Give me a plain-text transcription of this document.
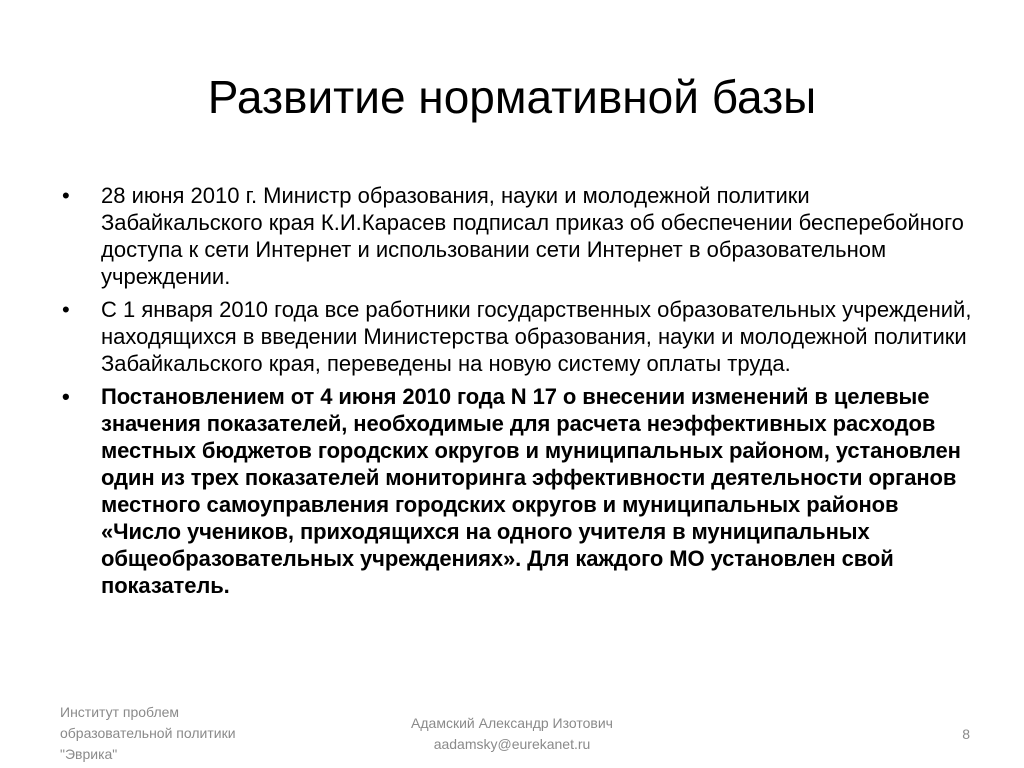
Развитие нормативной базы
• 28 июня 2010 г. Министр образования, науки и молодежной политики Забайкальского края К.И.Карасев подписал приказ об обеспечении бесперебойного доступа к сети Интернет и использовании сети Интернет в образовательном учреждении.
• С 1 января 2010 года все работники государственных образовательных учреждений, находящихся в введении Министерства образования, науки и молодежной политики Забайкальского края, переведены на новую систему оплаты труда.
• Постановлением от 4 июня 2010 года N 17 о внесении изменений в целевые значения показателей, необходимые для расчета неэффективных расходов местных бюджетов городских округов и муниципальных районом, установлен один из трех показателей мониторинга эффективности деятельности органов местного самоуправления городских округов и муниципальных районов «Число учеников, приходящихся на одного учителя в муниципальных общеобразовательных учреждениях». Для каждого МО установлен свой показатель.
Институт проблем
образовательной политики
"Эврика"
Адамский Александр Изотович
aadamsky@eurekanet.ru
8
